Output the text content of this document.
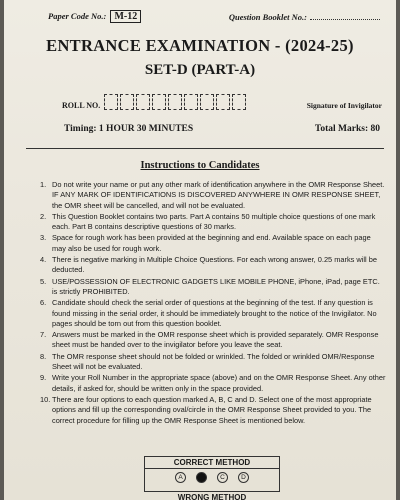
Paper Code No.: M-12	Question Booklet No.:
ENTRANCE EXAMINATION - (2024-25)
SET-D (PART-A)
ROLL NO.	Signature of Invigilator
Timing: 1 HOUR 30 MINUTES	Total Marks: 80
Instructions to Candidates
1. Do not write your name or put any other mark of identification anywhere in the OMR Response Sheet. IF ANY MARK OF IDENTIFICATIONS IS DISCOVERED ANYWHERE IN OMR RESPONSE SHEET, the OMR sheet will be cancelled, and will not be evaluated.
2. This Question Booklet contains two parts. Part A contains 50 multiple choice questions of one mark each. Part B contains descriptive questions of 30 marks.
3. Space for rough work has been provided at the beginning and end. Available space on each page may also be used for rough work.
4. There is negative marking in Multiple Choice Questions. For each wrong answer, 0.25 marks will be deducted.
5. USE/POSSESSION OF ELECTRONIC GADGETS LIKE MOBILE PHONE, iPhone, iPad, page ETC. is strictly PROHIBITED.
6. Candidate should check the serial order of questions at the beginning of the test. If any question is found missing in the serial order, it should be immediately brought to the notice of the Invigilator. No pages should be torn out from this question booklet.
7. Answers must be marked in the OMR response sheet which is provided separately. OMR Response sheet must be handed over to the invigilator before you leave the seat.
8. The OMR response sheet should not be folded or wrinkled. The folded or wrinkled OMR/Response Sheet will not be evaluated.
9. Write your Roll Number in the appropriate space (above) and on the OMR Response Sheet. Any other details, if asked for, should be written only in the space provided.
10. There are four options to each question marked A, B, C and D. Select one of the most appropriate options and fill up the corresponding oval/circle in the OMR Response Sheet provided to you. The correct procedure for filling up the OMR Response Sheet is mentioned below.
CORRECT METHOD
A	C	D
WRONG METHOD
